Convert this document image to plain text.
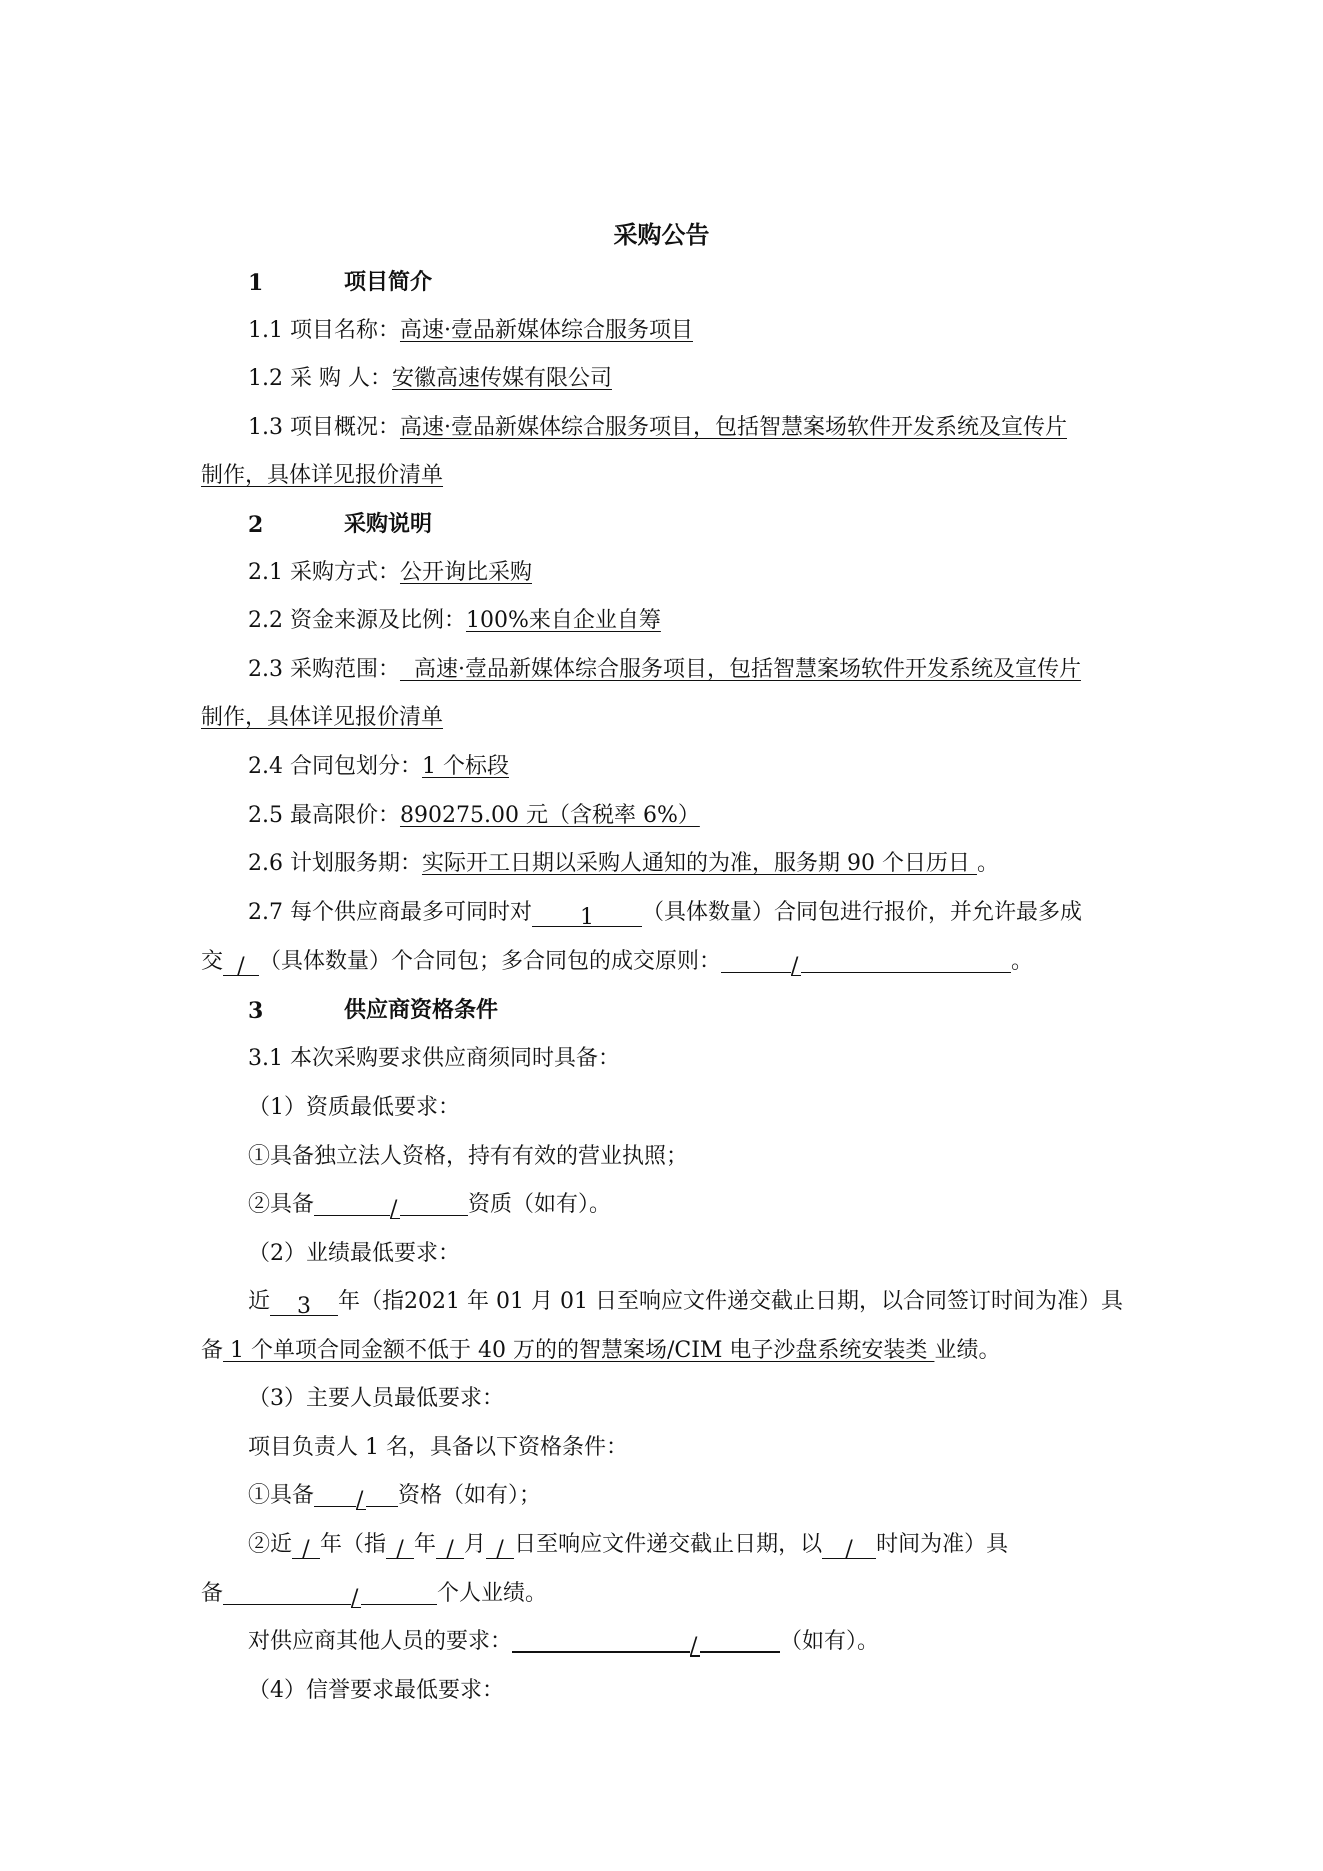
采购公告
1	项目简介
1.1 项目名称：高速·壹品新媒体综合服务项目
1.2 采 购 人：安徽高速传媒有限公司
1.3 项目概况：高速·壹品新媒体综合服务项目，包括智慧案场软件开发系统及宣传片
制作，具体详见报价清单
2	采购说明
2.1 采购方式：公开询比采购
2.2 资金来源及比例：100%来自企业自筹
2.3 采购范围：  高速·壹品新媒体综合服务项目，包括智慧案场软件开发系统及宣传片
制作，具体详见报价清单
2.4 合同包划分：1 个标段
2.5 最高限价：890275.00 元（含税率 6%）
2.6 计划服务期：实际开工日期以采购人通知的为准，服务期 90 个日历日 。
2.7 每个供应商最多可同时对 1 （具体数量）合同包进行报价，并允许最多成
交 / （具体数量）个合同包；多合同包的成交原则：	/	。
3	供应商资格条件
3.1 本次采购要求供应商须同时具备：
（1）资质最低要求：
①具备独立法人资格，持有有效的营业执照；
②具备	/	资质（如有）。
（2）业绩最低要求：
近 3 年（指2021 年 01 月 01 日至响应文件递交截止日期，以合同签订时间为准）具
备 1 个单项合同金额不低于 40 万的的智慧案场/CIM 电子沙盘系统安装类 业绩。
（3）主要人员最低要求：
项目负责人 1 名，具备以下资格条件：
①具备 / 资格（如有）；
②近 / 年（指 / 年 / 月 / 日至响应文件递交截止日期，以 / 时间为准）具
备	/	个人业绩。
对供应商其他人员的要求：	/	（如有）。
（4）信誉要求最低要求：
